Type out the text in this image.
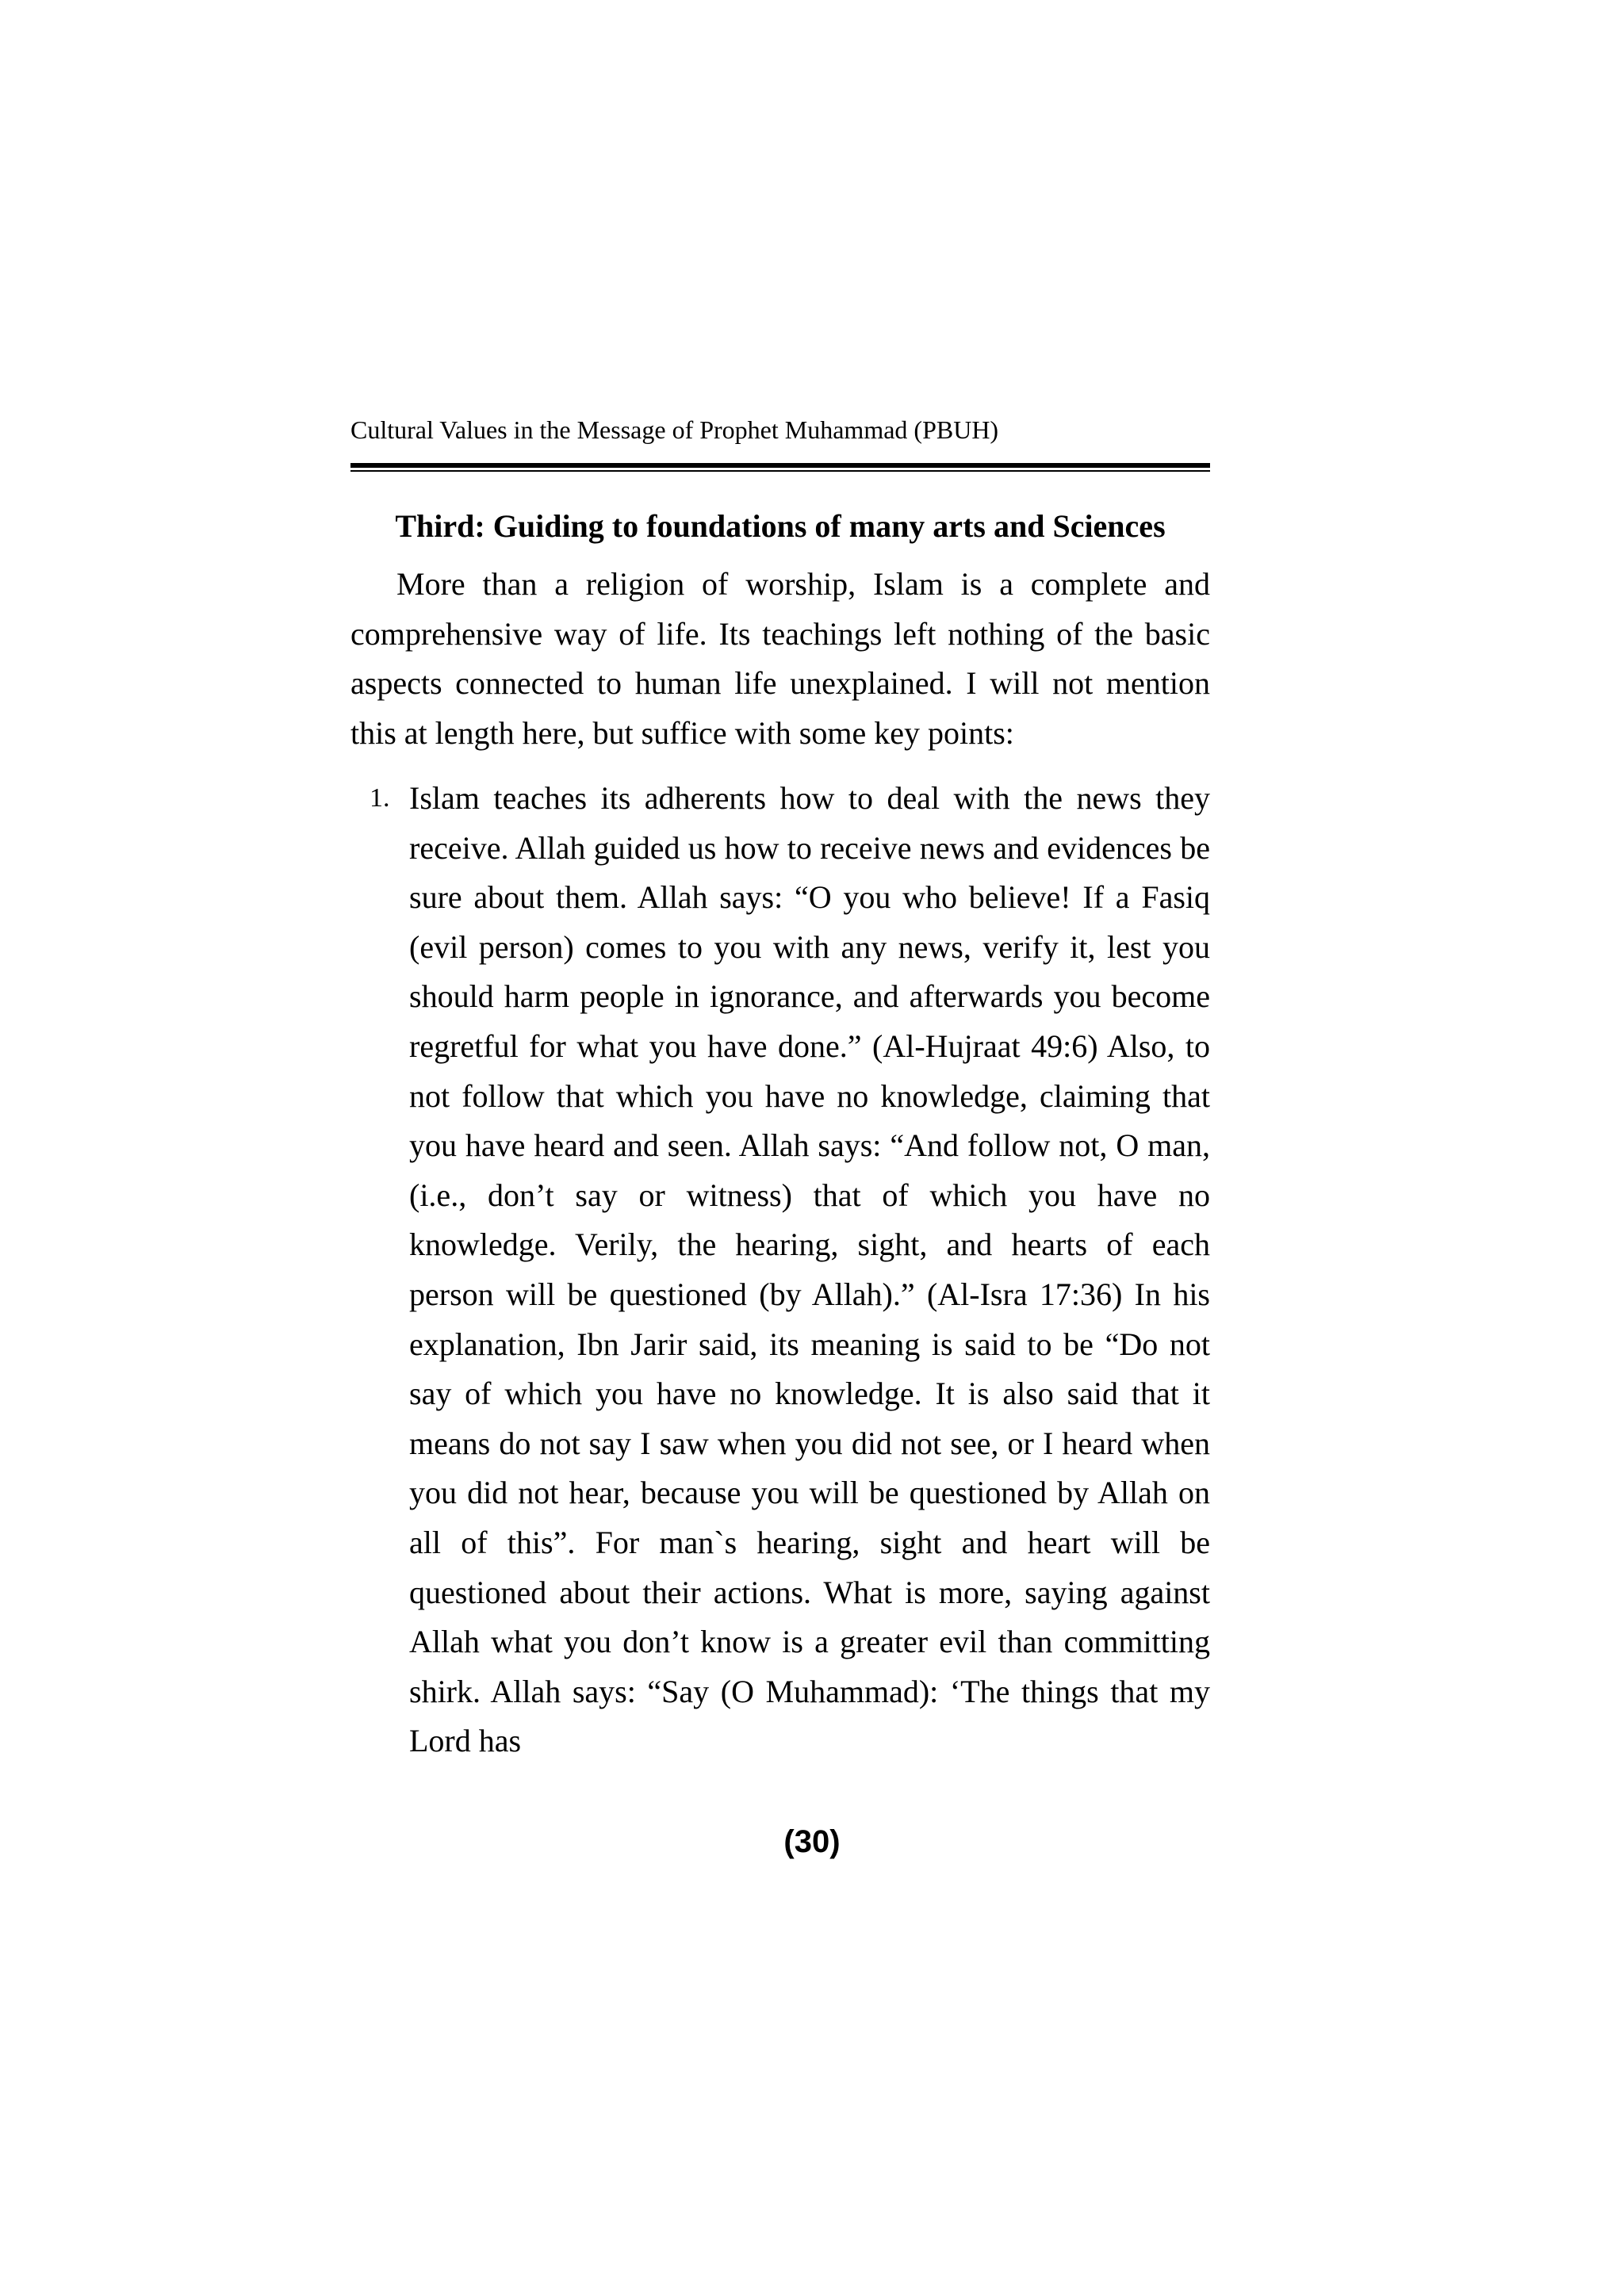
Cultural Values in the Message of Prophet Muhammad (PBUH)

Third: Guiding to foundations of many arts and Sciences

More than a religion of worship, Islam is a complete and comprehensive way of life. Its teachings left nothing of the basic aspects connected to human life unexplained. I will not mention this at length here, but suffice with some key points:

1. Islam teaches its adherents how to deal with the news they receive. Allah guided us how to receive news and evidences be sure about them. Allah says: “O you who believe! If a Fasiq (evil person) comes to you with any news, verify it, lest you should harm people in ignorance, and afterwards you become regretful for what you have done.” (Al-Hujraat 49:6) Also, to not follow that which you have no knowledge, claiming that you have heard and seen. Allah says: “And follow not, O man, (i.e., don’t say or witness) that of which you have no knowledge. Verily, the hearing, sight, and hearts of each person will be questioned (by Allah).” (Al-Isra 17:36) In his explanation, Ibn Jarir said, its meaning is said to be “Do not say of which you have no knowledge. It is also said that it means do not say I saw when you did not see, or I heard when you did not hear, because you will be questioned by Allah on all of this”. For man`s hearing, sight and heart will be questioned about their actions. What is more, saying against Allah what you don’t know is a greater evil than committing shirk. Allah says: “Say (O Muhammad): ‘The things that my Lord has
(30)
